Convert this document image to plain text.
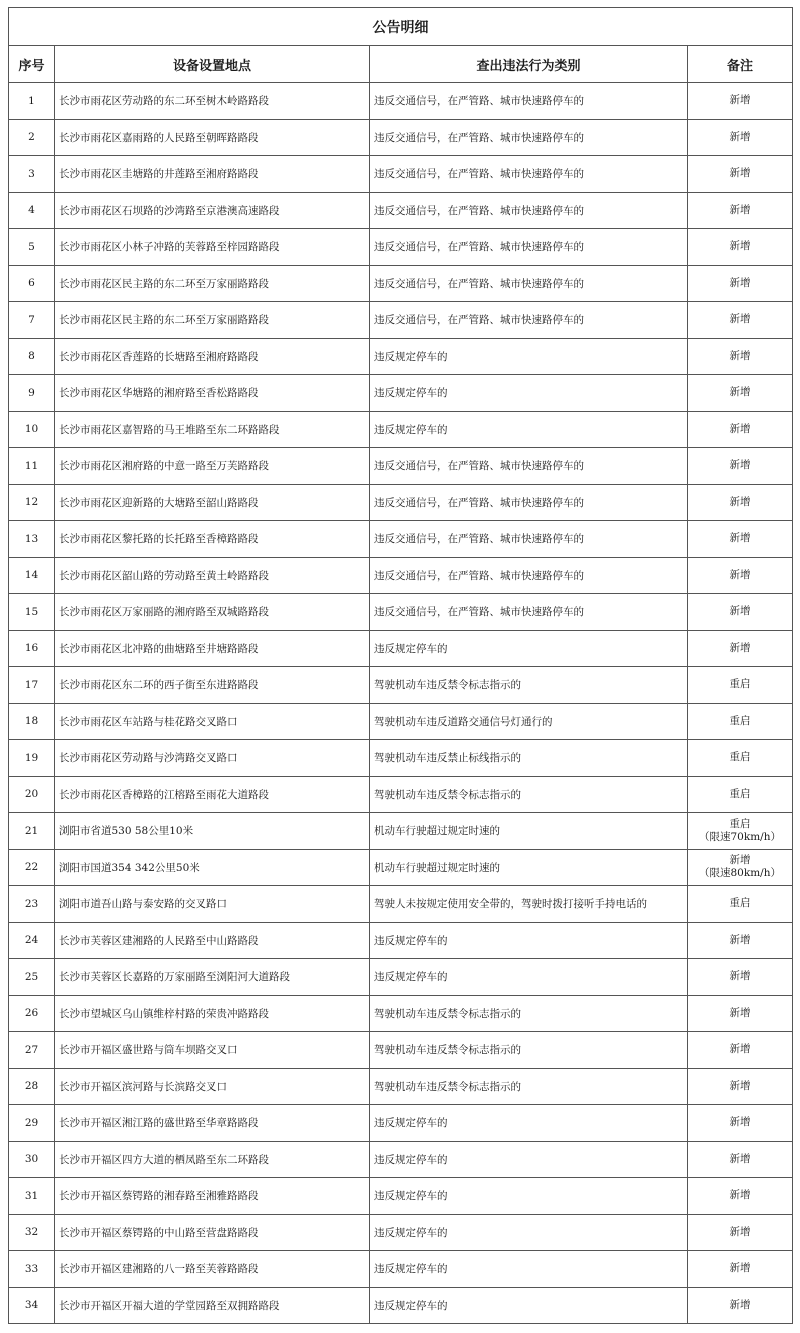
公告明细			
序号	设备设置地点	查出违法行为类别	备注
1	长沙市雨花区劳动路的东二环至树木岭路路段	违反交通信号，在严管路、城市快速路停车的	新增

2	长沙市雨花区嘉雨路的人民路至朝晖路路段	违反交通信号，在严管路、城市快速路停车的	新增

3	长沙市雨花区圭塘路的井莲路至湘府路路段	违反交通信号，在严管路、城市快速路停车的	新增

4	长沙市雨花区石坝路的沙湾路至京港澳高速路段	违反交通信号，在严管路、城市快速路停车的	新增

5	长沙市雨花区小林子冲路的芙蓉路至梓园路路段	违反交通信号，在严管路、城市快速路停车的	新增

6	长沙市雨花区民主路的东二环至万家丽路路段	违反交通信号，在严管路、城市快速路停车的	新增

7	长沙市雨花区民主路的东二环至万家丽路路段	违反交通信号，在严管路、城市快速路停车的	新增

8	长沙市雨花区香莲路的长塘路至湘府路路段	违反规定停车的	新增

9	长沙市雨花区华塘路的湘府路至香松路路段	违反规定停车的	新增

10	长沙市雨花区嘉智路的马王堆路至东二环路路段	违反规定停车的	新增

11	长沙市雨花区湘府路的中意一路至万芙路路段	违反交通信号，在严管路、城市快速路停车的	新增

12	长沙市雨花区迎新路的大塘路至韶山路路段	违反交通信号，在严管路、城市快速路停车的	新增

13	长沙市雨花区黎托路的长托路至香樟路路段	违反交通信号，在严管路、城市快速路停车的	新增

14	长沙市雨花区韶山路的劳动路至黄土岭路路段	违反交通信号，在严管路、城市快速路停车的	新增

15	长沙市雨花区万家丽路的湘府路至双城路路段	违反交通信号，在严管路、城市快速路停车的	新增

16	长沙市雨花区北冲路的曲塘路至井塘路路段	违反规定停车的	新增

17	长沙市雨花区东二环的西子街至东进路路段	驾驶机动车违反禁令标志指示的	重启

18	长沙市雨花区车站路与桂花路交叉路口	驾驶机动车违反道路交通信号灯通行的	重启

19	长沙市雨花区劳动路与沙湾路交叉路口	驾驶机动车违反禁止标线指示的	重启

20	长沙市雨花区香樟路的江榕路至雨花大道路段	驾驶机动车违反禁令标志指示的	重启

21	浏阳市省道530 58公里10米	机动车行驶超过规定时速的	重启
（限速70km/h）

22	浏阳市国道354 342公里50米	机动车行驶超过规定时速的	新增
（限速80km/h）

23	浏阳市道吾山路与泰安路的交叉路口	驾驶人未按规定使用安全带的，驾驶时拨打接听手持电话的	重启

24	长沙市芙蓉区建湘路的人民路至中山路路段	违反规定停车的	新增

25	长沙市芙蓉区长嘉路的万家丽路至浏阳河大道路段	违反规定停车的	新增

26	长沙市望城区乌山镇维梓村路的荣贵冲路路段	驾驶机动车违反禁令标志指示的	新增

27	长沙市开福区盛世路与筒车坝路交叉口	驾驶机动车违反禁令标志指示的	新增

28	长沙市开福区滨河路与长滨路交叉口	驾驶机动车违反禁令标志指示的	新增

29	长沙市开福区湘江路的盛世路至华章路路段	违反规定停车的	新增

30	长沙市开福区四方大道的栖凤路至东二环路段	违反规定停车的	新增

31	长沙市开福区蔡锷路的湘春路至湘雅路路段	违反规定停车的	新增

32	长沙市开福区蔡锷路的中山路至营盘路路段	违反规定停车的	新增

33	长沙市开福区建湘路的八一路至芙蓉路路段	违反规定停车的	新增

34	长沙市开福区开福大道的学堂园路至双拥路路段	违反规定停车的	新增
